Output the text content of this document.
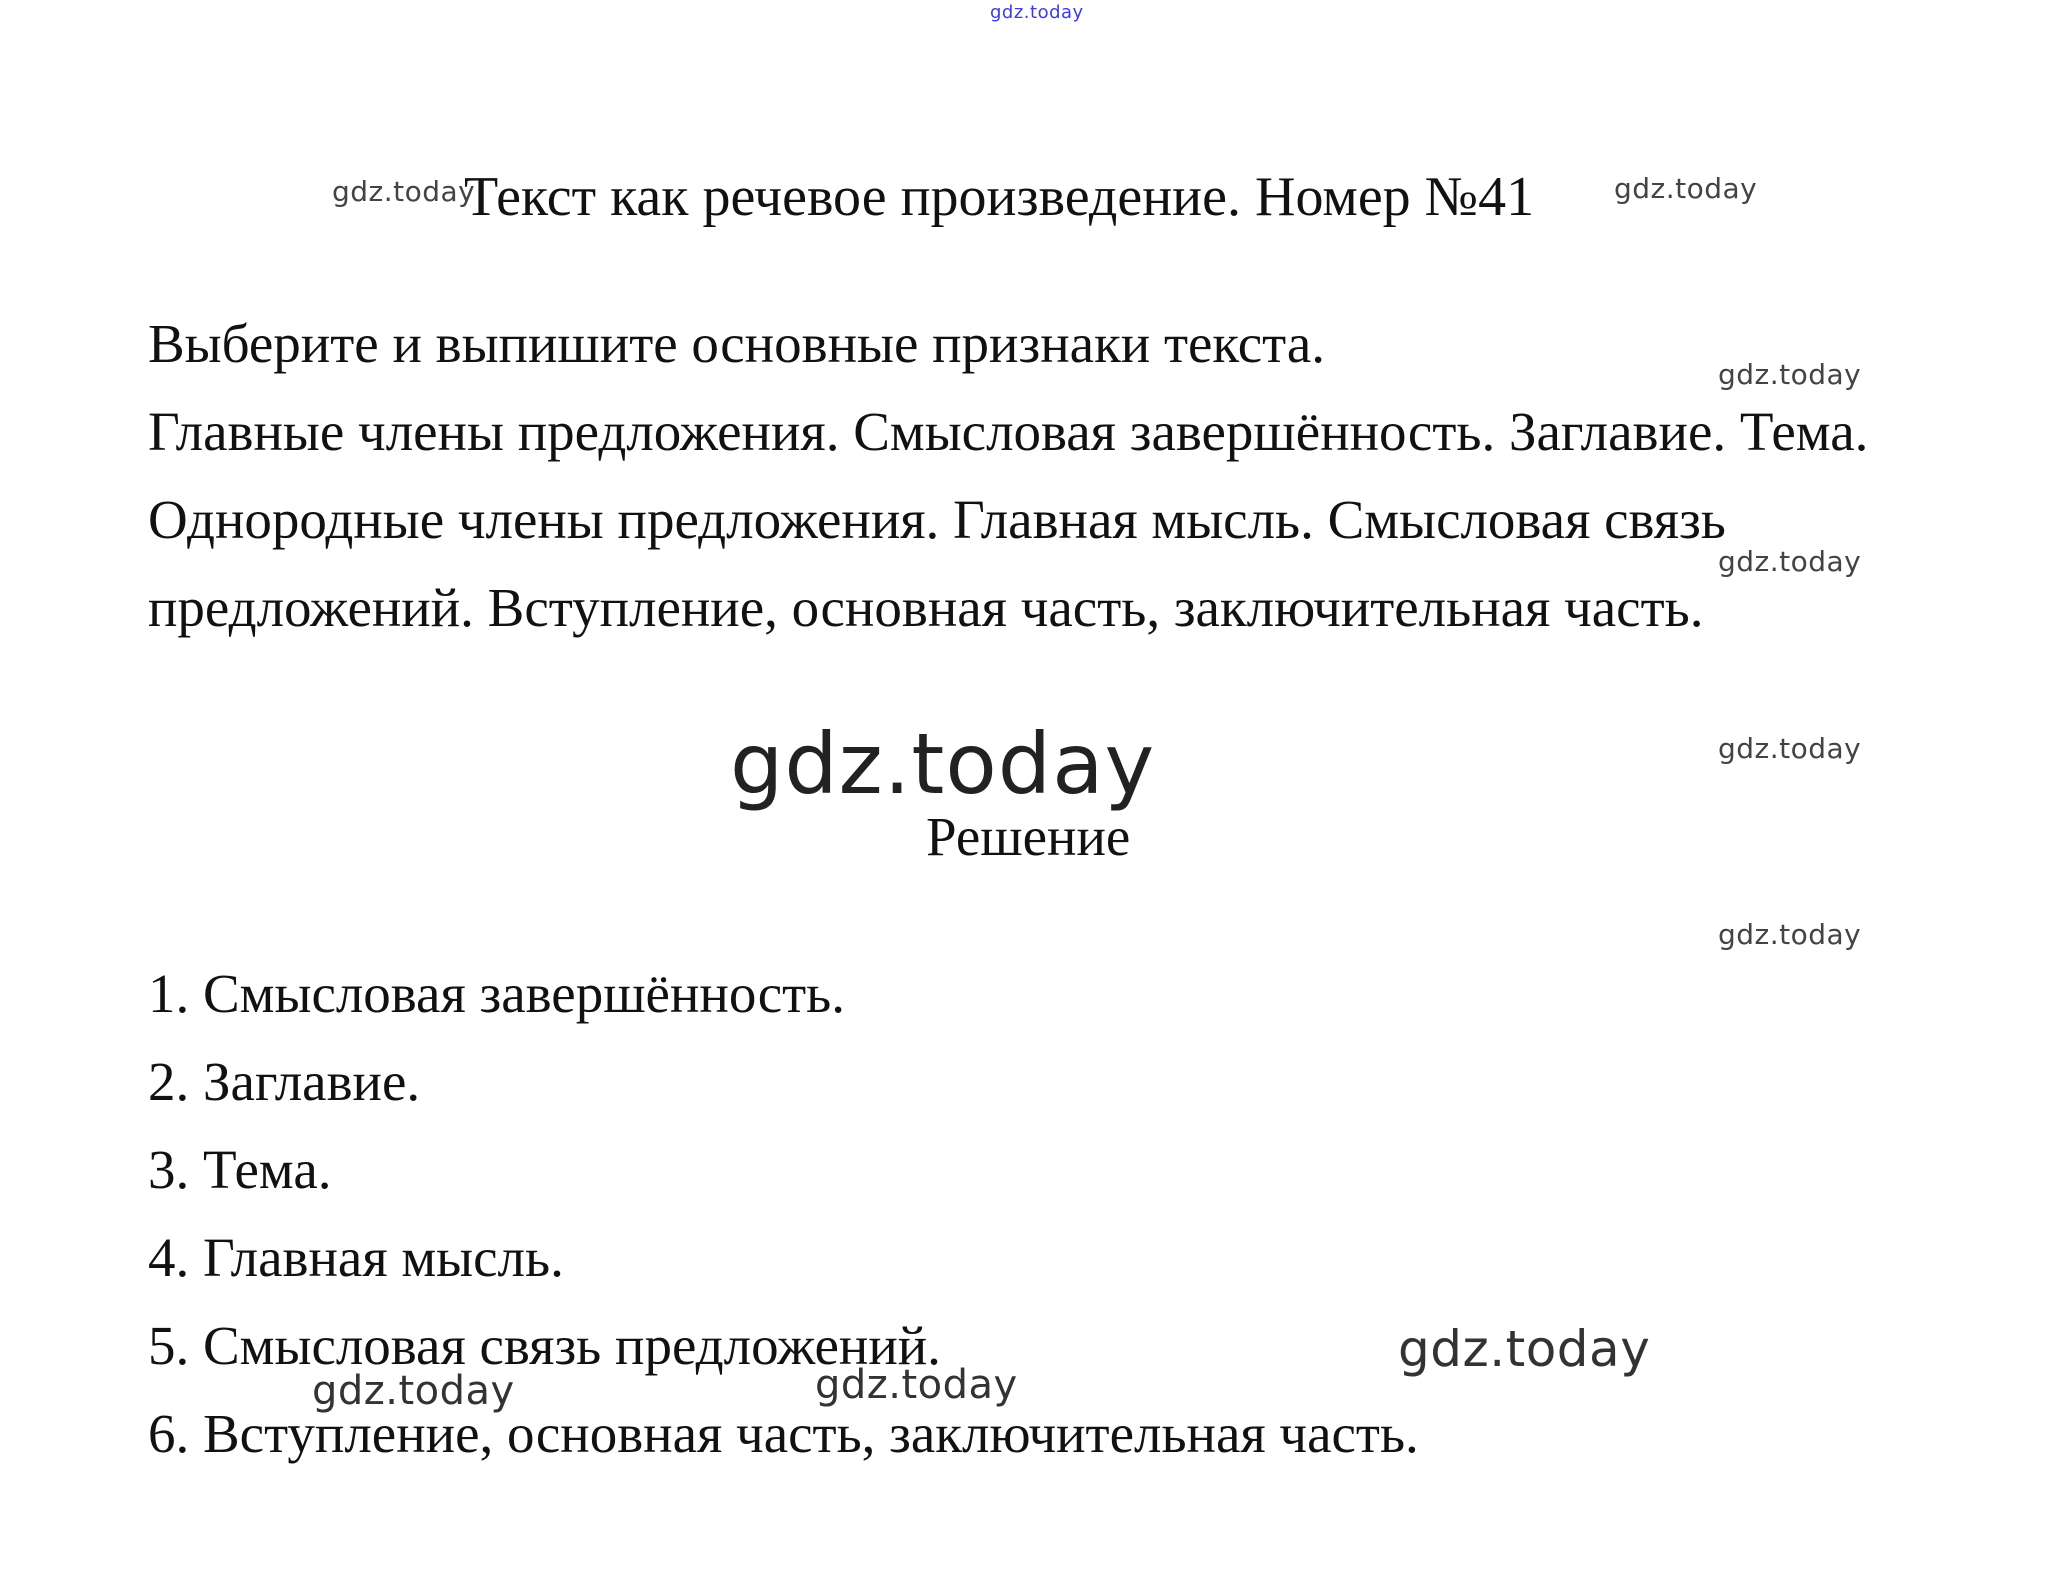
gdz.today
gdz.today
Текст как речевое произведение. Номер №41	gdz.today

Выберите и выпишите основные признаки текста.

Главные члены предложения. Смысловая завершённость. Заглавие. Тема. Однородные члены предложения. Главная мысль. Смысловая связь предложений. Вступление, основная часть, заключительная часть.

gdz.today
gdz.today
gdz.today
gdz.today
gdz.today
Решение
1. Смысловая завершённость.
2. Заглавие.
3. Тема.
4. Главная мысль.
5. Смысловая связь предложений.
6. Вступление, основная часть, заключительная часть.
gdz.today
gdz.today	gdz.today
